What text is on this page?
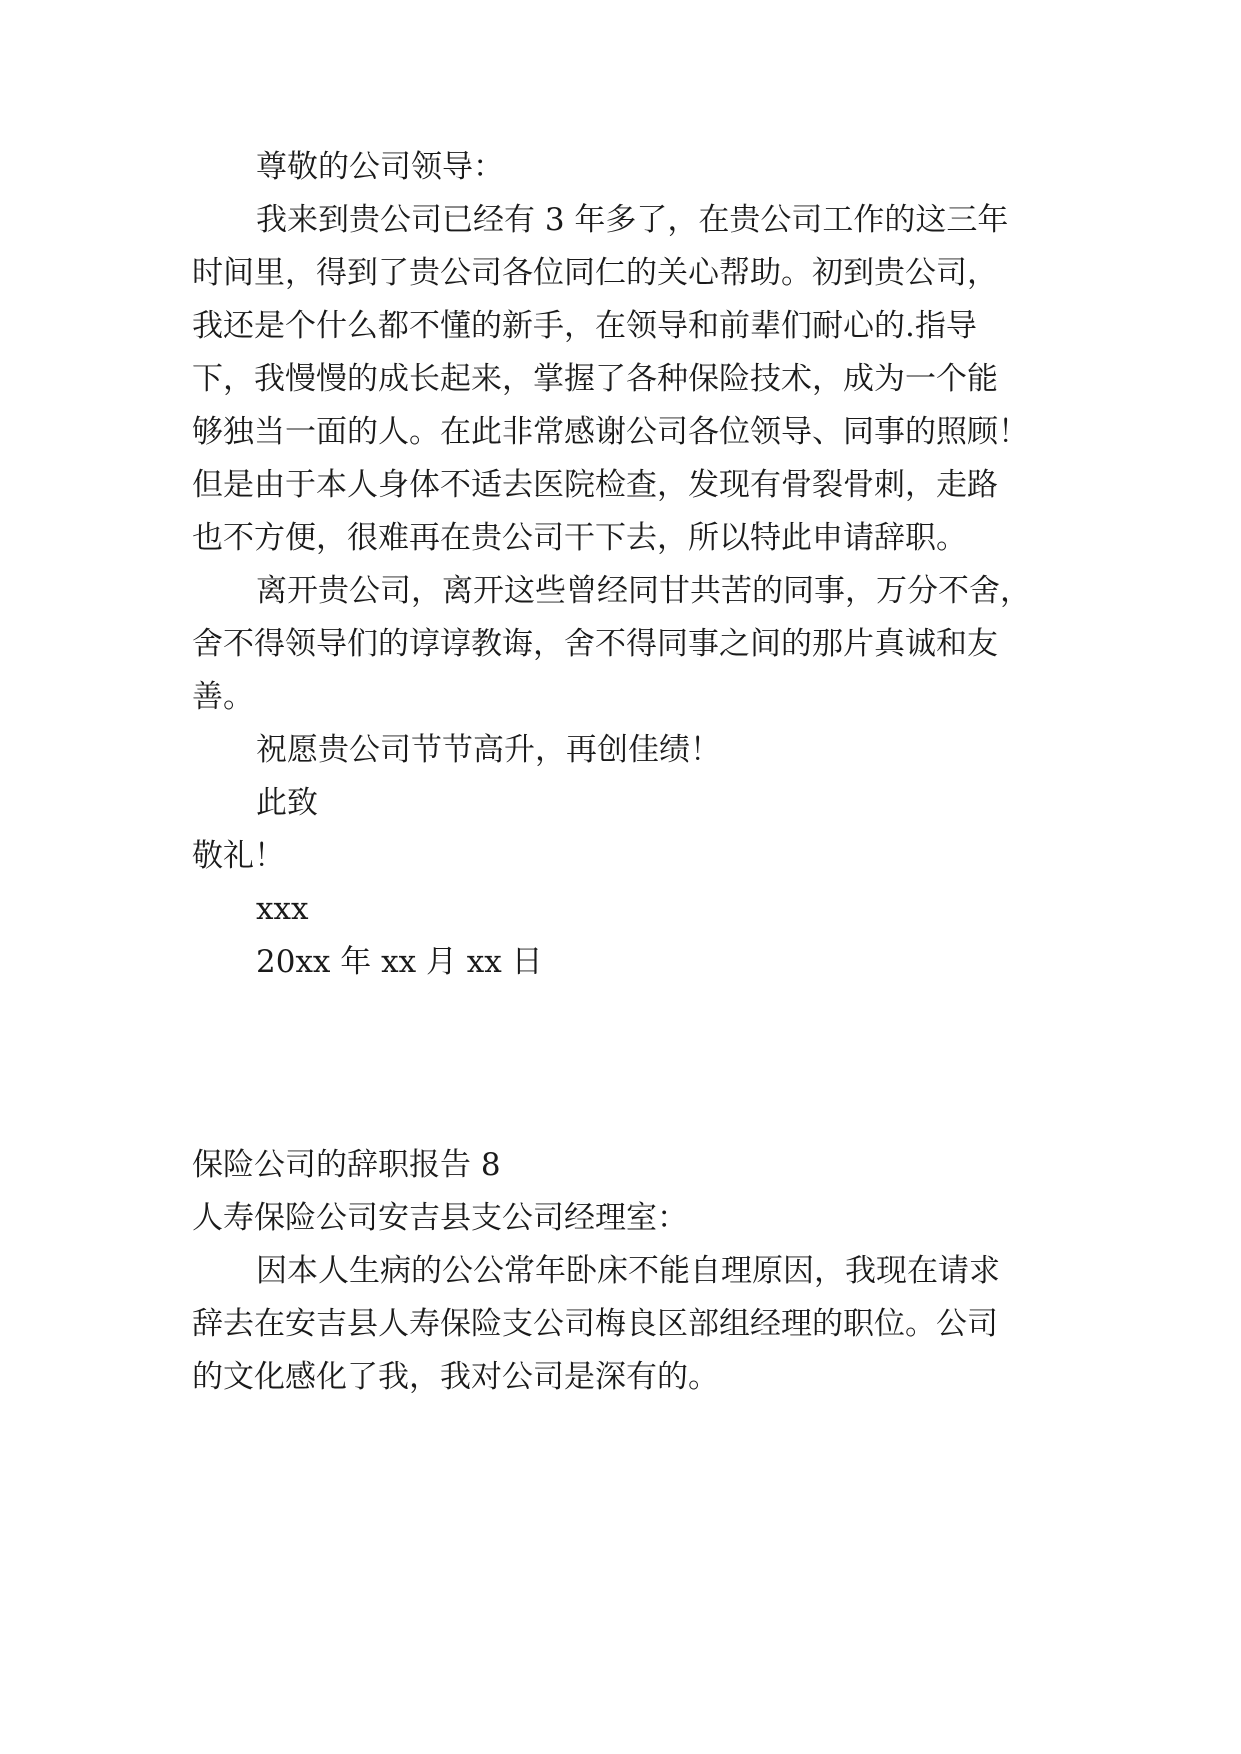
尊敬的公司领导：
我来到贵公司已经有 3 年多了，在贵公司工作的这三年
时间里，得到了贵公司各位同仁的关心帮助。初到贵公司，
我还是个什么都不懂的新手，在领导和前辈们耐心的.指导
下，我慢慢的成长起来，掌握了各种保险技术，成为一个能
够独当一面的人。在此非常感谢公司各位领导、同事的照顾！
但是由于本人身体不适去医院检查，发现有骨裂骨刺，走路
也不方便，很难再在贵公司干下去，所以特此申请辞职。
离开贵公司，离开这些曾经同甘共苦的同事，万分不舍，
舍不得领导们的谆谆教诲，舍不得同事之间的那片真诚和友
善。
祝愿贵公司节节高升，再创佳绩！
此致
敬礼！
xxx
20xx 年 xx 月 xx 日
保险公司的辞职报告 8
人寿保险公司安吉县支公司经理室：
因本人生病的公公常年卧床不能自理原因，我现在请求
辞去在安吉县人寿保险支公司梅良区部组经理的职位。公司
的文化感化了我，我对公司是深有的。
